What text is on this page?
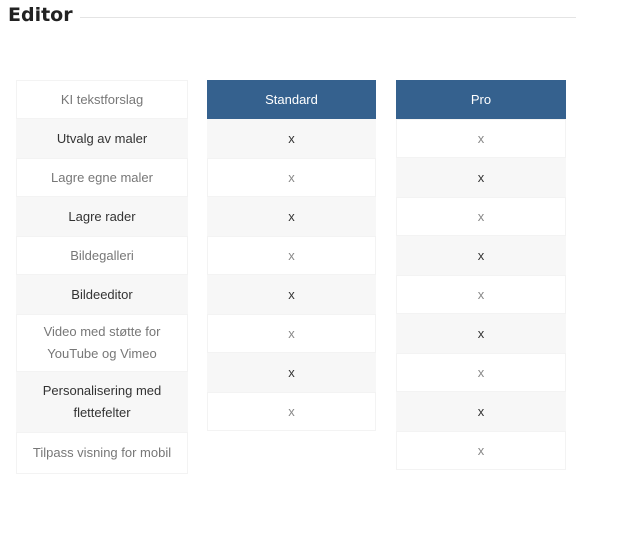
Editor
KI tekstforslag
Utvalg av maler
Lagre egne maler
Lagre rader
Bildegalleri
Bildeeditor
Video med støtte for YouTube og Vimeo
Personalisering med flettefelter
Tilpass visning for mobil
Standard
x
x
x
x
x
x
x
x
Pro
x
x
x
x
x
x
x
x
x
